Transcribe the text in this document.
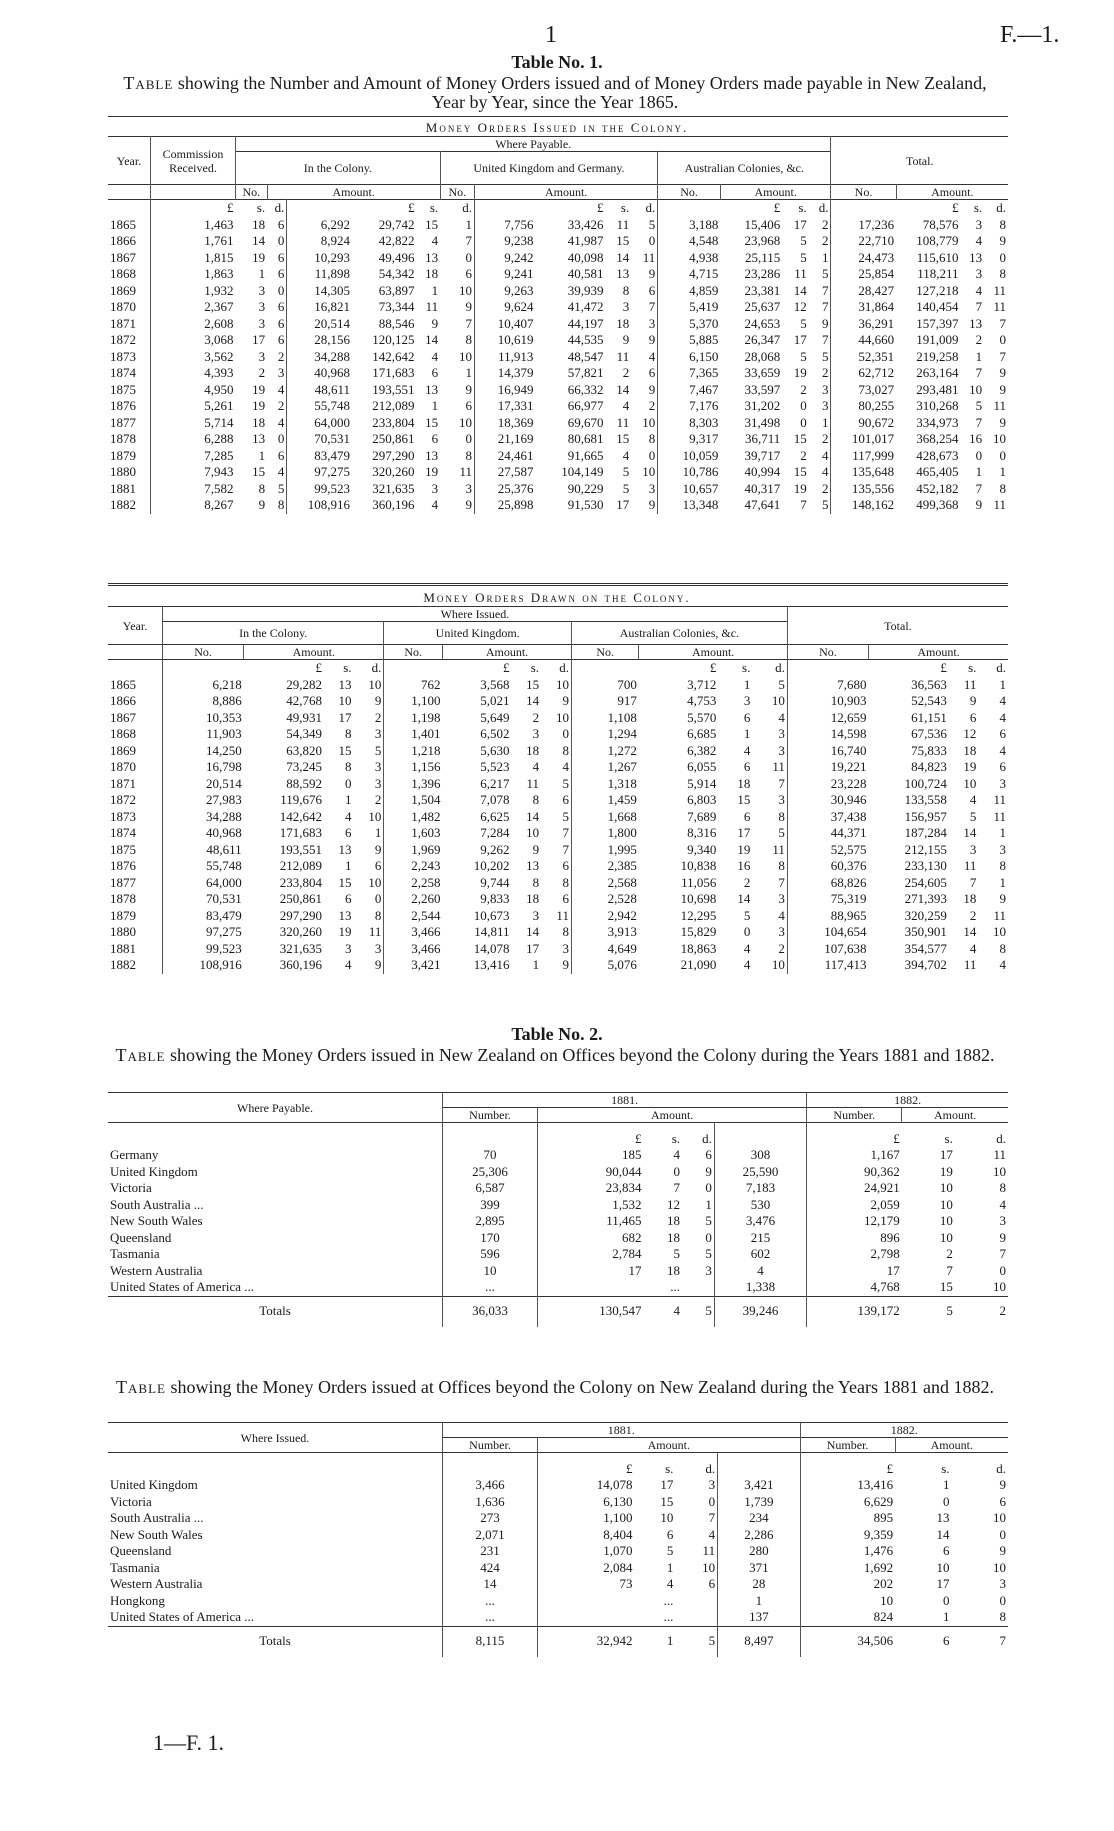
1	F.—1.
Table No. 1.
Table showing the Number and Amount of Money Orders issued and of Money Orders made payable in New Zealand, Year by Year, since the Year 1865.
Money Orders Issued in the Colony.
Year.	Commission Received.	Where Payable.														Total.			
		In the Colony.					United Kingdom and Germany.					Australian Colonies, &c.							
		No.	Amount.				No.	Amount.				No.	Amount.			No.	Amount.		
	£	s.	d.		£	s.	d.		£	s.	d.		£	s.	d.		£	s.	d.
1865	1,463	18	6	6,292	29,742	15	1	7,756	33,426	11	5	3,188	15,406	17	2	17,236	78,576	3	8
1866	1,761	14	0	8,924	42,822	4	7	9,238	41,987	15	0	4,548	23,968	5	2	22,710	108,779	4	9
1867	1,815	19	6	10,293	49,496	13	0	9,242	40,098	14	11	4,938	25,115	5	1	24,473	115,610	13	0
1868	1,863	1	6	11,898	54,342	18	6	9,241	40,581	13	9	4,715	23,286	11	5	25,854	118,211	3	8
1869	1,932	3	0	14,305	63,897	1	10	9,263	39,939	8	6	4,859	23,381	14	7	28,427	127,218	4	11
1870	2,367	3	6	16,821	73,344	11	9	9,624	41,472	3	7	5,419	25,637	12	7	31,864	140,454	7	11
1871	2,608	3	6	20,514	88,546	9	7	10,407	44,197	18	3	5,370	24,653	5	9	36,291	157,397	13	7
1872	3,068	17	6	28,156	120,125	14	8	10,619	44,535	9	9	5,885	26,347	17	7	44,660	191,009	2	0
1873	3,562	3	2	34,288	142,642	4	10	11,913	48,547	11	4	6,150	28,068	5	5	52,351	219,258	1	7
1874	4,393	2	3	40,968	171,683	6	1	14,379	57,821	2	6	7,365	33,659	19	2	62,712	263,164	7	9
1875	4,950	19	4	48,611	193,551	13	9	16,949	66,332	14	9	7,467	33,597	2	3	73,027	293,481	10	9
1876	5,261	19	2	55,748	212,089	1	6	17,331	66,977	4	2	7,176	31,202	0	3	80,255	310,268	5	11
1877	5,714	18	4	64,000	233,804	15	10	18,369	69,670	11	10	8,303	31,498	0	1	90,672	334,973	7	9
1878	6,288	13	0	70,531	250,861	6	0	21,169	80,681	15	8	9,317	36,711	15	2	101,017	368,254	16	10
1879	7,285	1	6	83,479	297,290	13	8	24,461	91,665	4	0	10,059	39,717	2	4	117,999	428,673	0	0
1880	7,943	15	4	97,275	320,260	19	11	27,587	104,149	5	10	10,786	40,994	15	4	135,648	465,405	1	1
1881	7,582	8	5	99,523	321,635	3	3	25,376	90,229	5	3	10,657	40,317	19	2	135,556	452,182	7	8
1882	8,267	9	8	108,916	360,196	4	9	25,898	91,530	17	9	13,348	47,641	7	5	148,162	499,368	9	11
Money Orders Drawn on the Colony.
Year.	Where Issued.												Total.			
	In the Colony.				United Kingdom.				Australian Colonies, &c.							
	No.	Amount.			No.	Amount.			No.	Amount.			No.	Amount.		
		£	s.	d.		£	s.	d.		£	s.	d.		£	s.	d.
1865	6,218	29,282	13	10	762	3,568	15	10	700	3,712	1	5	7,680	36,563	11	1
1866	8,886	42,768	10	9	1,100	5,021	14	9	917	4,753	3	10	10,903	52,543	9	4
1867	10,353	49,931	17	2	1,198	5,649	2	10	1,108	5,570	6	4	12,659	61,151	6	4
1868	11,903	54,349	8	3	1,401	6,502	3	0	1,294	6,685	1	3	14,598	67,536	12	6
1869	14,250	63,820	15	5	1,218	5,630	18	8	1,272	6,382	4	3	16,740	75,833	18	4
1870	16,798	73,245	8	3	1,156	5,523	4	4	1,267	6,055	6	11	19,221	84,823	19	6
1871	20,514	88,592	0	3	1,396	6,217	11	5	1,318	5,914	18	7	23,228	100,724	10	3
1872	27,983	119,676	1	2	1,504	7,078	8	6	1,459	6,803	15	3	30,946	133,558	4	11
1873	34,288	142,642	4	10	1,482	6,625	14	5	1,668	7,689	6	8	37,438	156,957	5	11
1874	40,968	171,683	6	1	1,603	7,284	10	7	1,800	8,316	17	5	44,371	187,284	14	1
1875	48,611	193,551	13	9	1,969	9,262	9	7	1,995	9,340	19	11	52,575	212,155	3	3
1876	55,748	212,089	1	6	2,243	10,202	13	6	2,385	10,838	16	8	60,376	233,130	11	8
1877	64,000	233,804	15	10	2,258	9,744	8	8	2,568	11,056	2	7	68,826	254,605	7	1
1878	70,531	250,861	6	0	2,260	9,833	18	6	2,528	10,698	14	3	75,319	271,393	18	9
1879	83,479	297,290	13	8	2,544	10,673	3	11	2,942	12,295	5	4	88,965	320,259	2	11
1880	97,275	320,260	19	11	3,466	14,811	14	8	3,913	15,829	0	3	104,654	350,901	14	10
1881	99,523	321,635	3	3	3,466	14,078	17	3	4,649	18,863	4	2	107,638	354,577	4	8
1882	108,916	360,196	4	9	3,421	13,416	1	9	5,076	21,090	4	10	117,413	394,702	11	4
Table No. 2.
Table showing the Money Orders issued in New Zealand on Offices beyond the Colony during the Years 1881 and 1882.
Where Payable.	1881.					1882.		
	Number.	Amount.				Number.	Amount.	
		£	s.	d.		£	s.	d.
Germany	70	185	4	6	308	1,167	17	11
United Kingdom	25,306	90,044	0	9	25,590	90,362	19	10
Victoria	6,587	23,834	7	0	7,183	24,921	10	8
South Australia ...	399	1,532	12	1	530	2,059	10	4
New South Wales	2,895	11,465	18	5	3,476	12,179	10	3
Queensland	170	682	18	0	215	896	10	9
Tasmania	596	2,784	5	5	602	2,798	2	7
Western Australia	10	17	18	3	4	17	7	0
United States of America ...	...		...		1,338	4,768	15	10
Totals	36,033	130,547	4	5	39,246	139,172	5	2
Table showing the Money Orders issued at Offices beyond the Colony on New Zealand during the Years 1881 and 1882.
Where Issued.	1881.					1882.		
	Number.	Amount.				Number.	Amount.	
		£	s.	d.		£	s.	d.
United Kingdom	3,466	14,078	17	3	3,421	13,416	1	9
Victoria	1,636	6,130	15	0	1,739	6,629	0	6
South Australia ...	273	1,100	10	7	234	895	13	10
New South Wales	2,071	8,404	6	4	2,286	9,359	14	0
Queensland	231	1,070	5	11	280	1,476	6	9
Tasmania	424	2,084	1	10	371	1,692	10	10
Western Australia	14	73	4	6	28	202	17	3
Hongkong	...		...		1	10	0	0
United States of America ...	...		...		137	824	1	8
Totals	8,115	32,942	1	5	8,497	34,506	6	7
1—F. 1.
